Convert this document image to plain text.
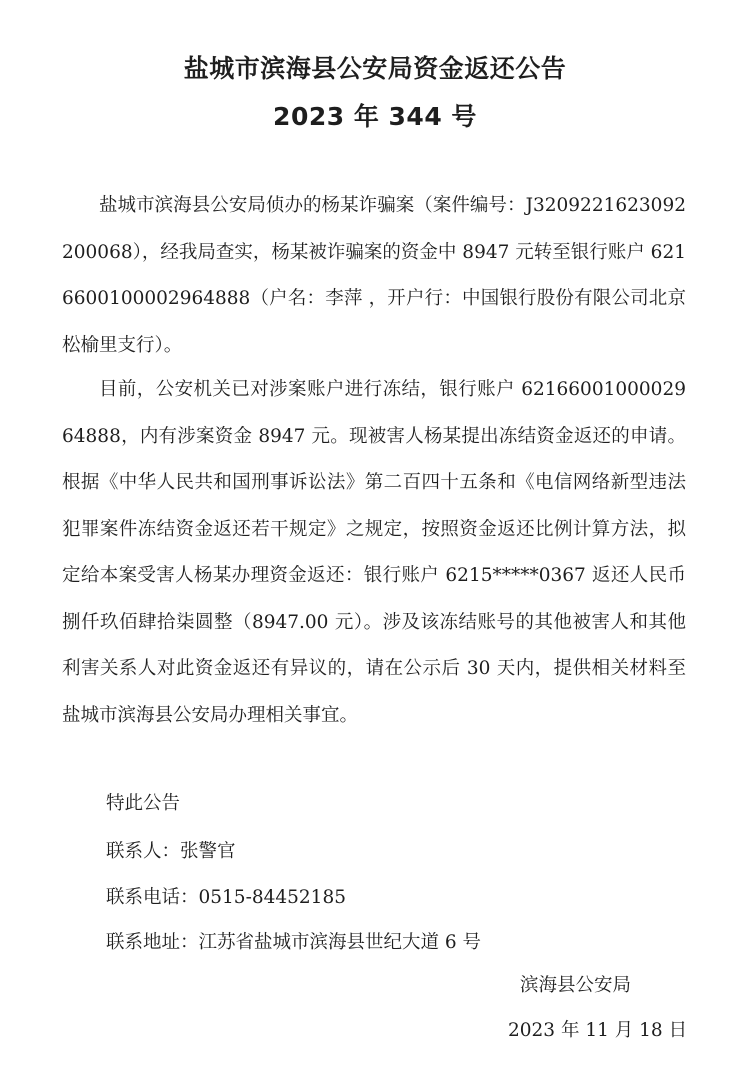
盐城市滨海县公安局资金返还公告
2023 年 344 号

盐城市滨海县公安局侦办的杨某诈骗案（案件编号：J3209221623092200068），经我局查实，杨某被诈骗案的资金中 8947 元转至银行账户 6216600100002964888（户名：李萍 ，开户行：中国银行股份有限公司北京松榆里支行）。

目前，公安机关已对涉案账户进行冻结，银行账户 6216600100002964888，内有涉案资金 8947 元。现被害人杨某提出冻结资金返还的申请。根据《中华人民共和国刑事诉讼法》第二百四十五条和《电信网络新型违法犯罪案件冻结资金返还若干规定》之规定，按照资金返还比例计算方法，拟定给本案受害人杨某办理资金返还：银行账户 6215*****0367 返还人民币捌仟玖佰肆拾柒圆整（8947.00 元）。涉及该冻结账号的其他被害人和其他利害关系人对此资金返还有异议的，请在公示后 30 天内，提供相关材料至盐城市滨海县公安局办理相关事宜。

特此公告
联系人：张警官
联系电话：0515-84452185
联系地址：江苏省盐城市滨海县世纪大道 6 号
滨海县公安局
2023 年 11 月 18 日
